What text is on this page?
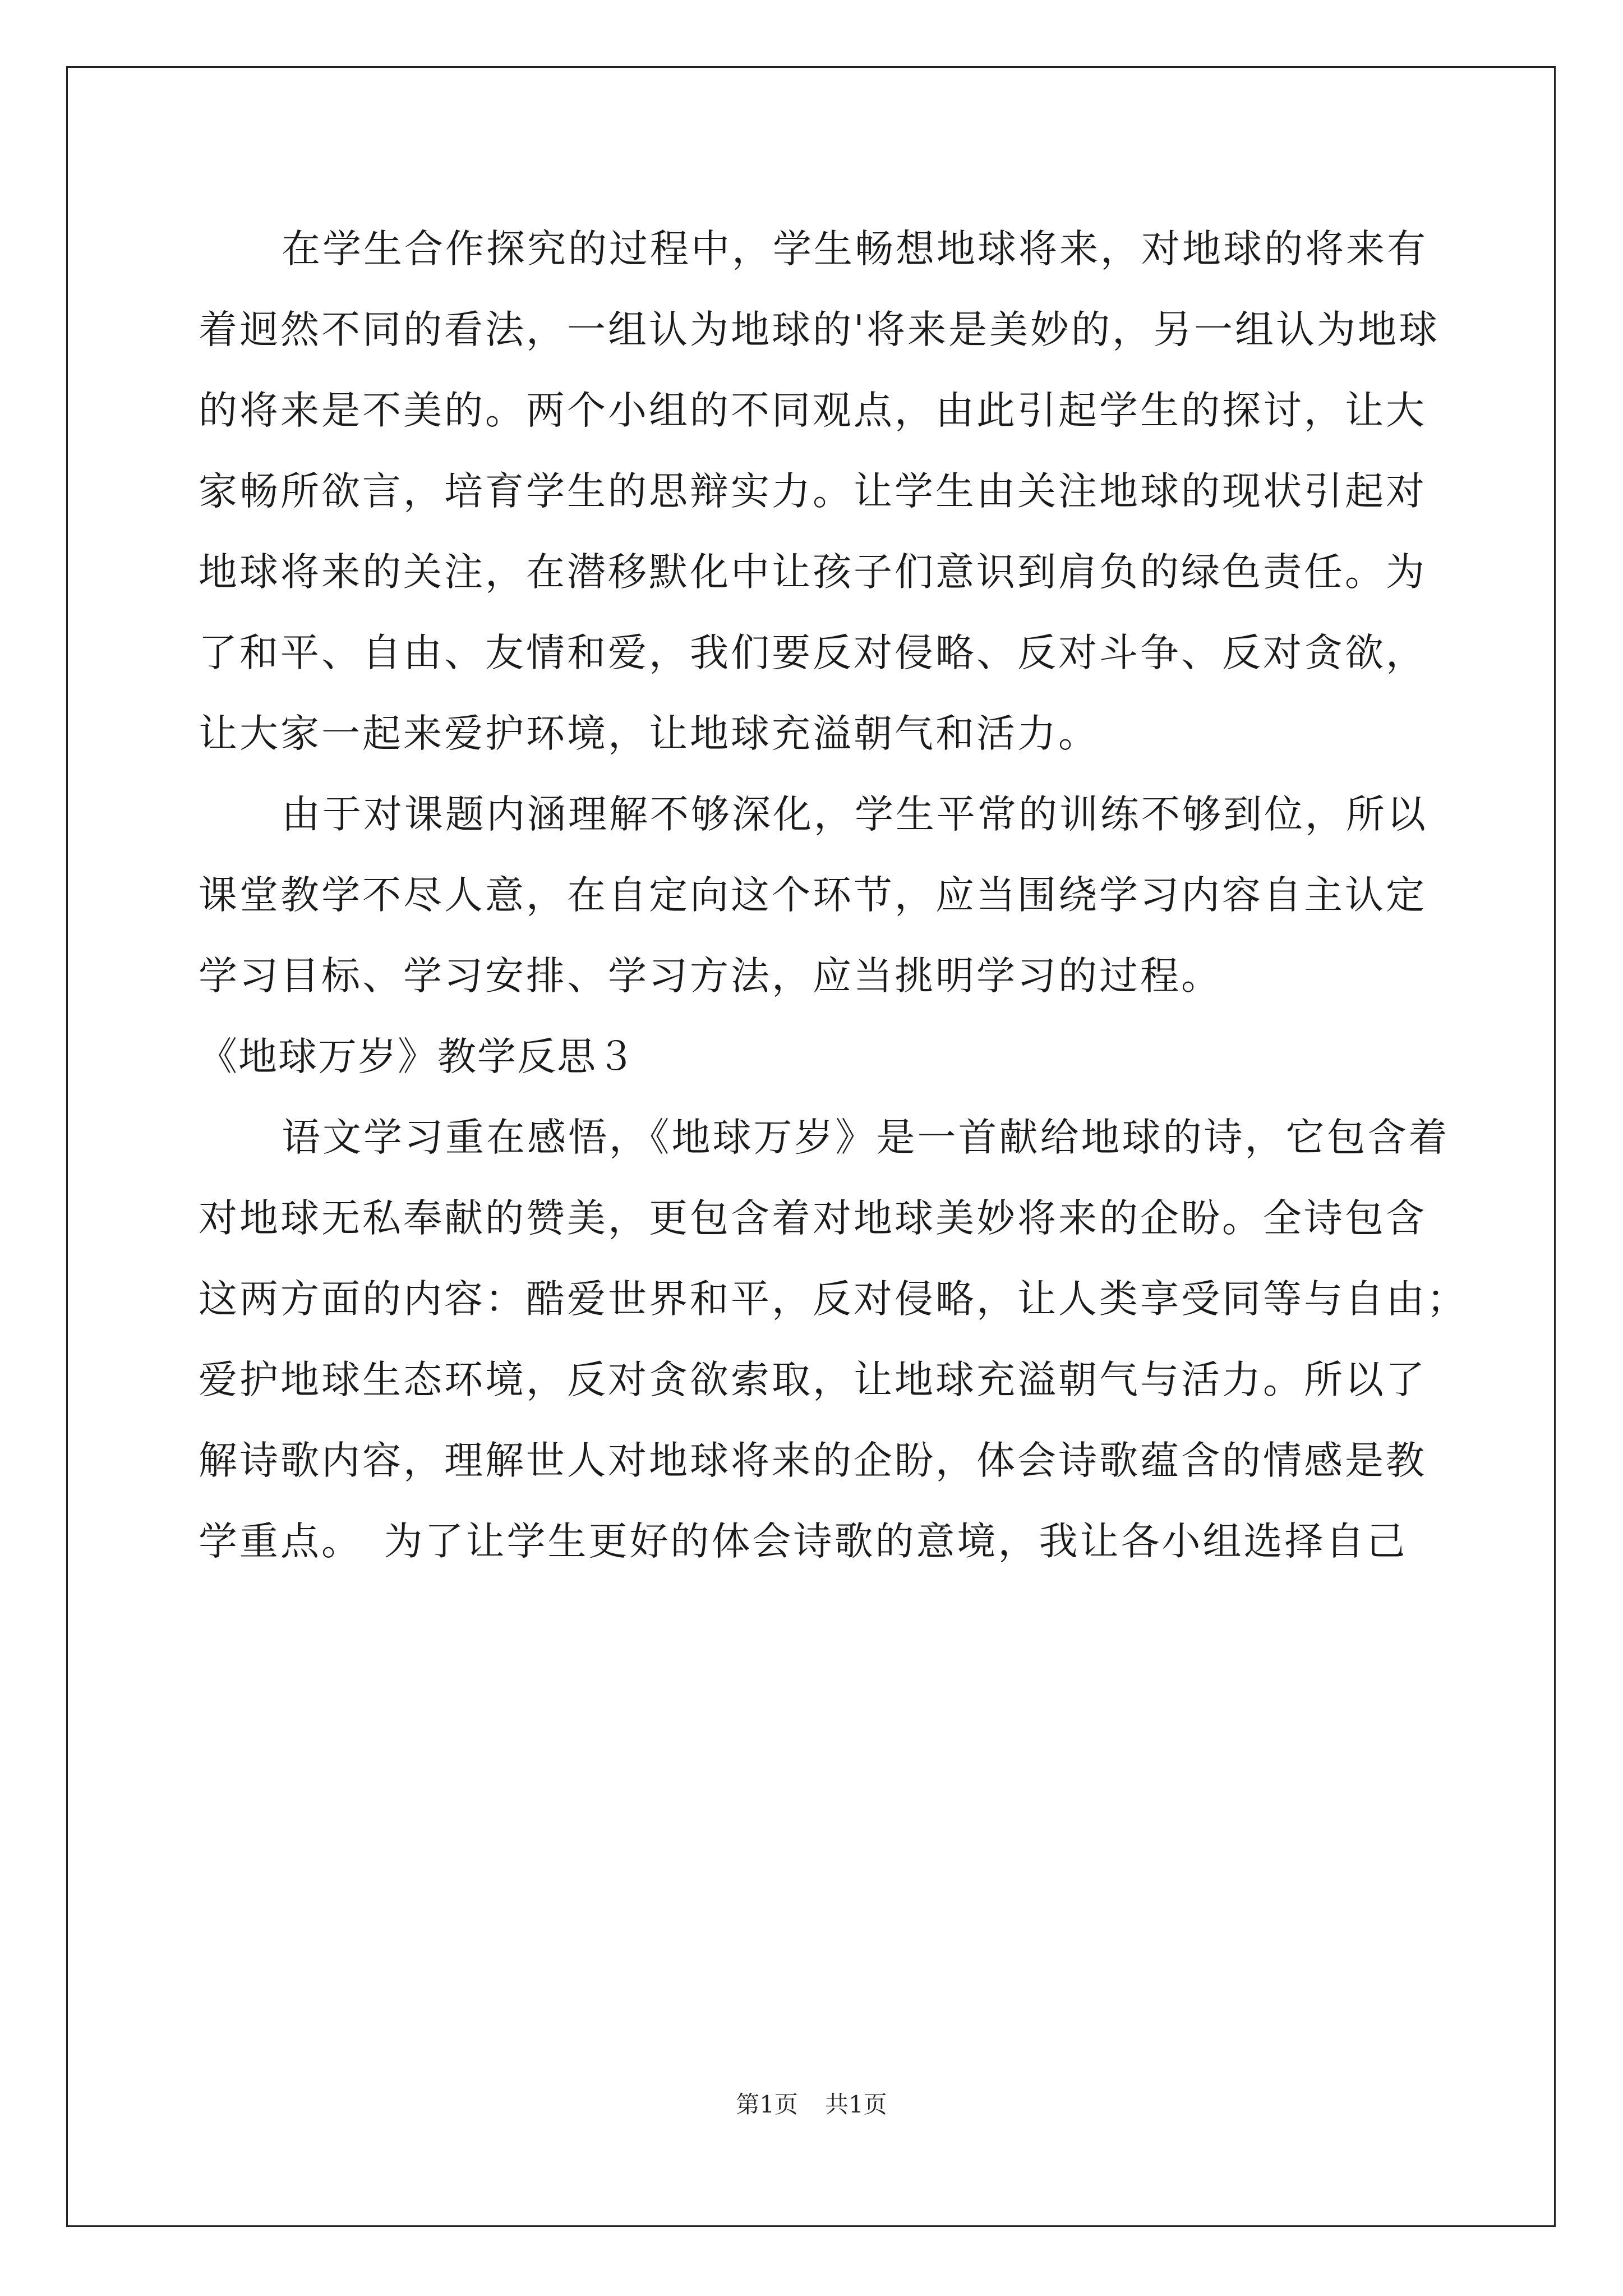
在学生合作探究的过程中，学生畅想地球将来，对地球的将来有
着迥然不同的看法，一组认为地球的'将来是美妙的，另一组认为地球
的将来是不美的。两个小组的不同观点，由此引起学生的探讨，让大
家畅所欲言，培育学生的思辩实力。让学生由关注地球的现状引起对
地球将来的关注，在潜移默化中让孩子们意识到肩负的绿色责任。为
了和平、自由、友情和爱，我们要反对侵略、反对斗争、反对贪欲，
让大家一起来爱护环境，让地球充溢朝气和活力。
由于对课题内涵理解不够深化，学生平常的训练不够到位，所以
课堂教学不尽人意，在自定向这个环节，应当围绕学习内容自主认定
学习目标、学习安排、学习方法，应当挑明学习的过程。
《地球万岁》教学反思３
语文学习重在感悟，《地球万岁》是一首献给地球的诗，它包含着
对地球无私奉献的赞美，更包含着对地球美妙将来的企盼。全诗包含
这两方面的内容：酷爱世界和平，反对侵略，让人类享受同等与自由；
爱护地球生态环境，反对贪欲索取，让地球充溢朝气与活力。所以了
解诗歌内容，理解世人对地球将来的企盼，体会诗歌蕴含的情感是教
学重点。　为了让学生更好的体会诗歌的意境，我让各小组选择自己
第1页 共1页
